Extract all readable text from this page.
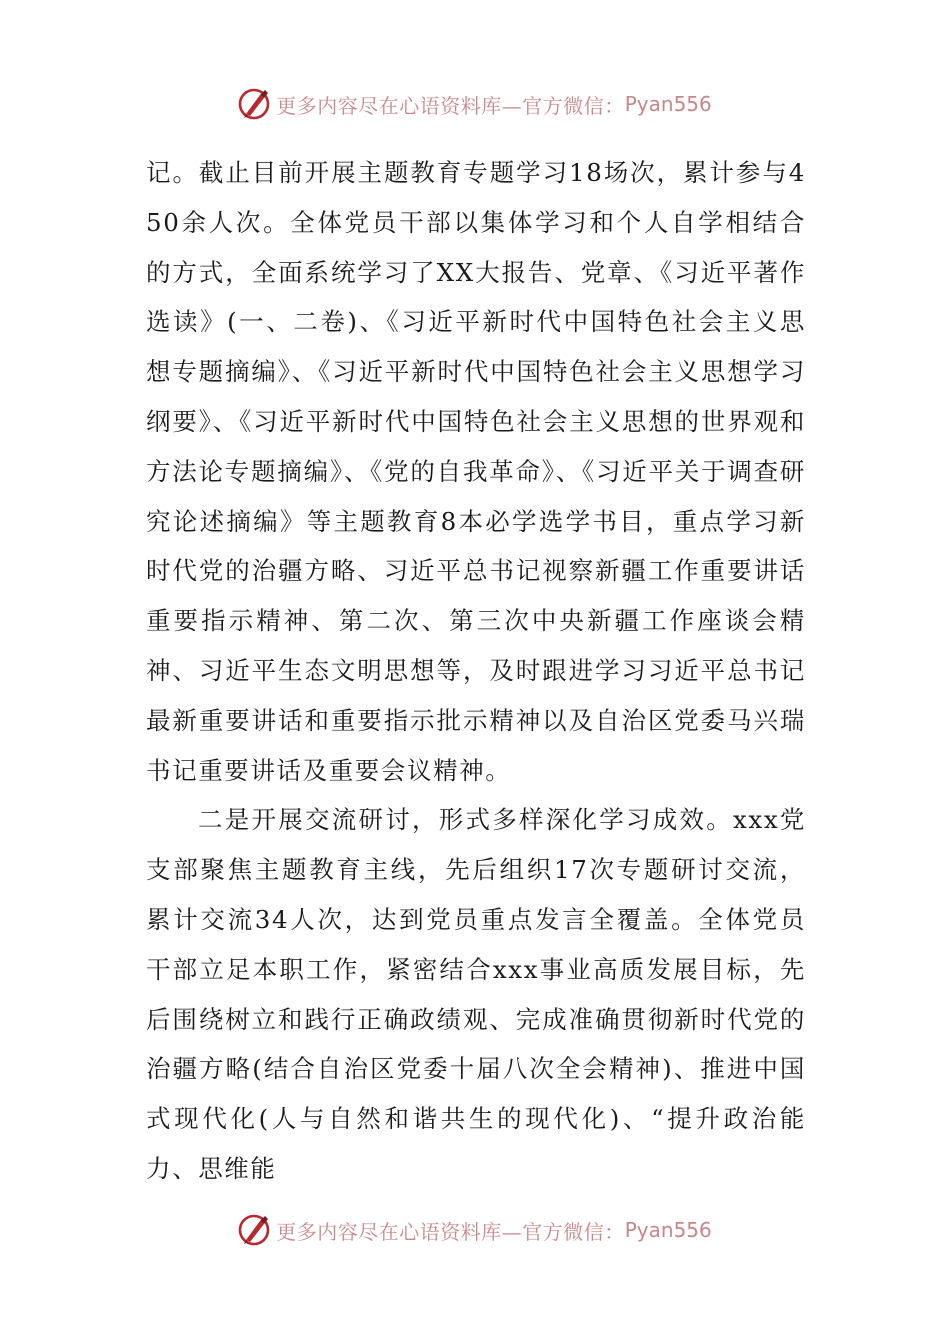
更多内容尽在心语资料库—官方微信： Pyan556

记。截止目前开展主题教育专题学习18场次，累计参与450余人次。全体党员干部以集体学习和个人自学相结合的方式，全面系统学习了XX大报告、党章、《习近平著作选读》(一、二卷)、《习近平新时代中国特色社会主义思想专题摘编》、《习近平新时代中国特色社会主义思想学习纲要》、《习近平新时代中国特色社会主义思想的世界观和方法论专题摘编》、《党的自我革命》、《习近平关于调查研究论述摘编》等主题教育8本必学选学书目，重点学习新时代党的治疆方略、习近平总书记视察新疆工作重要讲话重要指示精神、第二次、第三次中央新疆工作座谈会精神、习近平生态文明思想等，及时跟进学习习近平总书记最新重要讲话和重要指示批示精神以及自治区党委马兴瑞书记重要讲话及重要会议精神。

二是开展交流研讨，形式多样深化学习成效。xxx党支部聚焦主题教育主线，先后组织17次专题研讨交流，累计交流34人次，达到党员重点发言全覆盖。全体党员干部立足本职工作，紧密结合xxx事业高质发展目标，先后围绕树立和践行正确政绩观、完成准确贯彻新时代党的治疆方略(结合自治区党委十届八次全会精神)、推进中国式现代化(人与自然和谐共生的现代化)、“提升政治能力、思维能

更多内容尽在心语资料库—官方微信： Pyan556
